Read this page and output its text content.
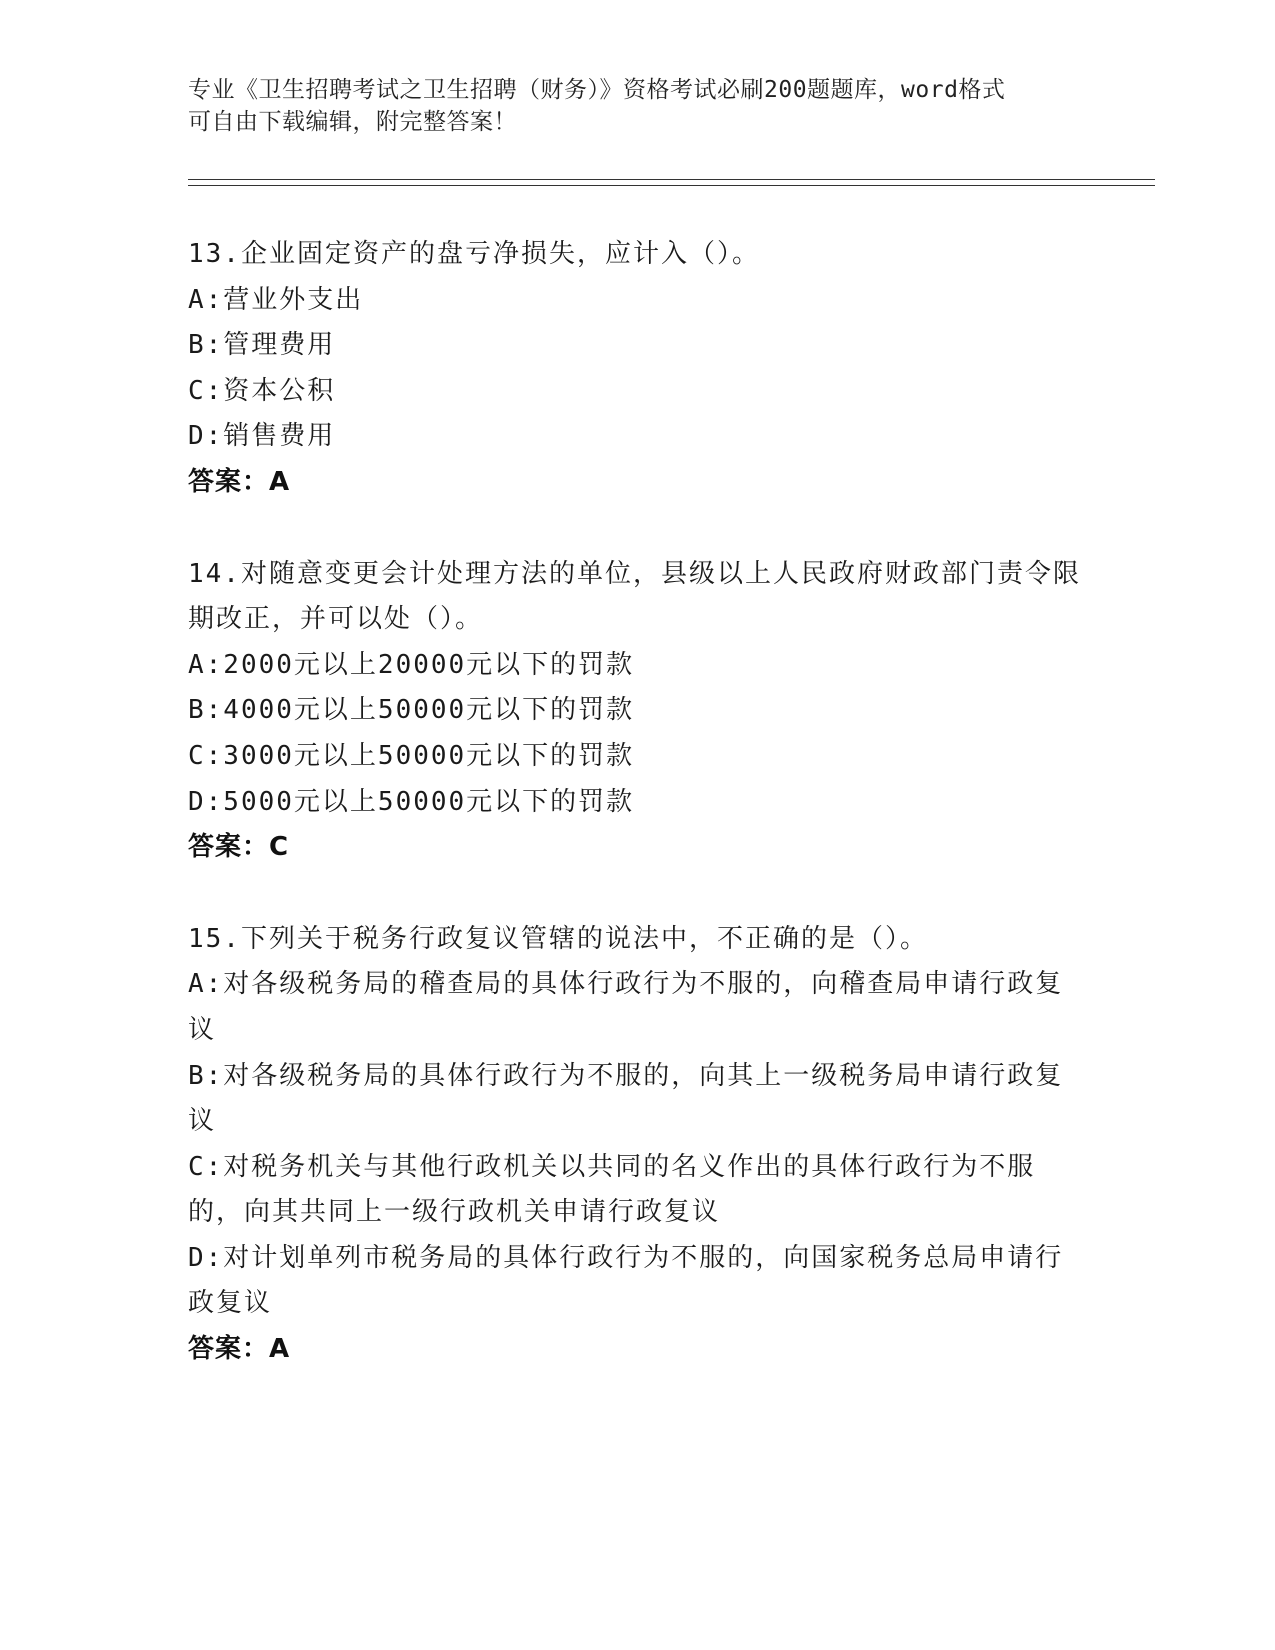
专业《卫生招聘考试之卫生招聘（财务）》资格考试必刷200题题库，word格式
可自由下载编辑，附完整答案！
13.企业固定资产的盘亏净损失，应计入（）。
A:营业外支出
B:管理费用
C:资本公积
D:销售费用
答案：A
14.对随意变更会计处理方法的单位，县级以上人民政府财政部门责令限期改正，并可以处（）。
A:2000元以上20000元以下的罚款
B:4000元以上50000元以下的罚款
C:3000元以上50000元以下的罚款
D:5000元以上50000元以下的罚款
答案：C
15.下列关于税务行政复议管辖的说法中，不正确的是（）。
A:对各级税务局的稽查局的具体行政行为不服的，向稽查局申请行政复议
B:对各级税务局的具体行政行为不服的，向其上一级税务局申请行政复议
C:对税务机关与其他行政机关以共同的名义作出的具体行政行为不服的，向其共同上一级行政机关申请行政复议
D:对计划单列市税务局的具体行政行为不服的，向国家税务总局申请行政复议
答案：A
